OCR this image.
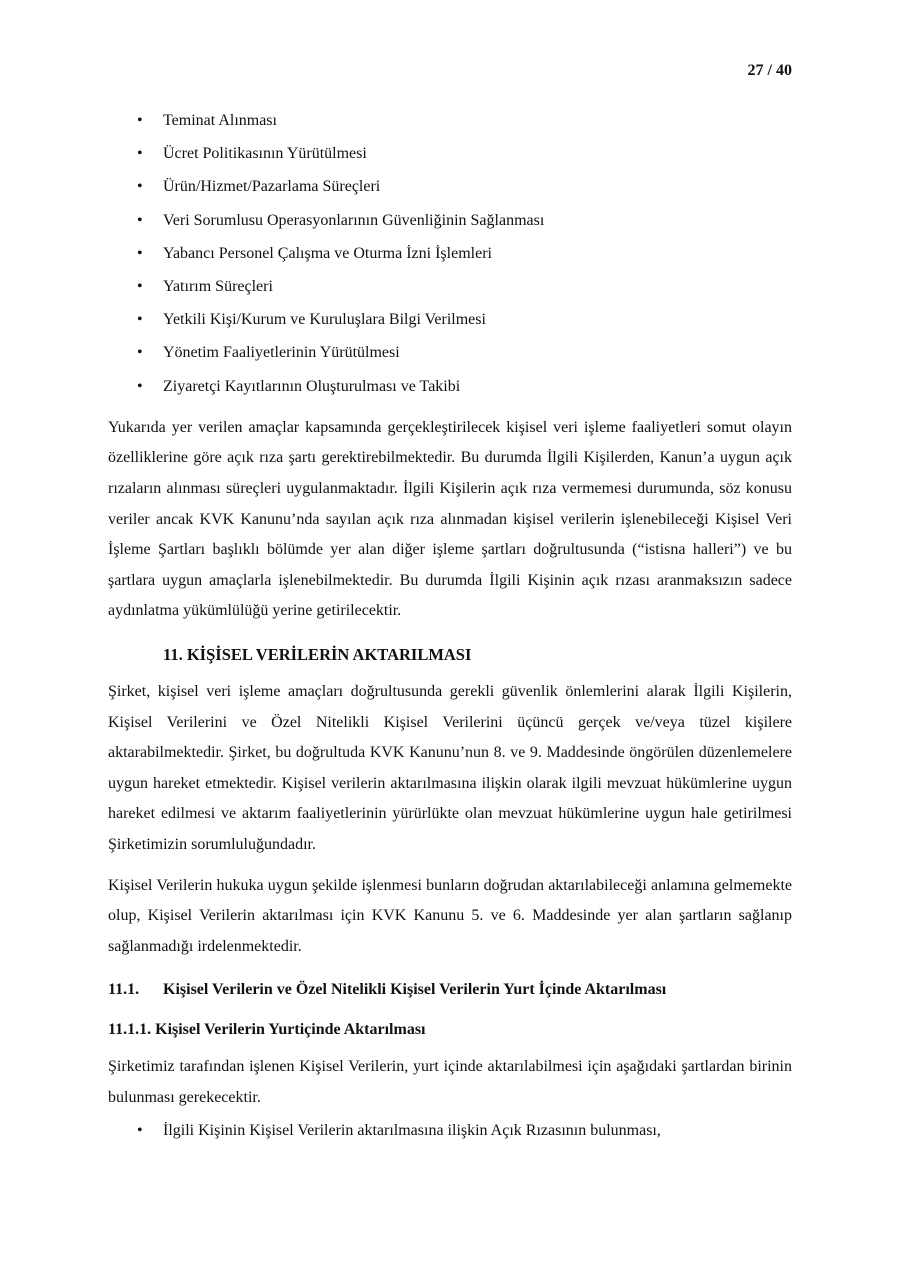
27 / 40
• Teminat Alınması
• Ücret Politikasının Yürütülmesi
• Ürün/Hizmet/Pazarlama Süreçleri
• Veri Sorumlusu Operasyonlarının Güvenliğinin Sağlanması
• Yabancı Personel Çalışma ve Oturma İzni İşlemleri
• Yatırım Süreçleri
• Yetkili Kişi/Kurum ve Kuruluşlara Bilgi Verilmesi
• Yönetim Faaliyetlerinin Yürütülmesi
• Ziyaretçi Kayıtlarının Oluşturulması ve Takibi

Yukarıda yer verilen amaçlar kapsamında gerçekleştirilecek kişisel veri işleme faaliyetleri somut olayın özelliklerine göre açık rıza şartı gerektirebilmektedir. Bu durumda İlgili Kişilerden, Kanun’a uygun açık rızaların alınması süreçleri uygulanmaktadır. İlgili Kişilerin açık rıza vermemesi durumunda, söz konusu veriler ancak KVK Kanunu’nda sayılan açık rıza alınmadan kişisel verilerin işlenebileceği Kişisel Veri İşleme Şartları başlıklı bölümde yer alan diğer işleme şartları doğrultusunda (“istisna halleri”) ve bu şartlara uygun amaçlarla işlenebilmektedir. Bu durumda İlgili Kişinin açık rızası aranmaksızın sadece aydınlatma yükümlülüğü yerine getirilecektir.

11. KİŞİSEL VERİLERİN AKTARILMASI

Şirket, kişisel veri işleme amaçları doğrultusunda gerekli güvenlik önlemlerini alarak İlgili Kişilerin, Kişisel Verilerini ve Özel Nitelikli Kişisel Verilerini üçüncü gerçek ve/veya tüzel kişilere aktarabilmektedir. Şirket, bu doğrultuda KVK Kanunu’nun 8. ve 9. Maddesinde öngörülen düzenlemelere uygun hareket etmektedir. Kişisel verilerin aktarılmasına ilişkin olarak ilgili mevzuat hükümlerine uygun hareket edilmesi ve aktarım faaliyetlerinin yürürlükte olan mevzuat hükümlerine uygun hale getirilmesi Şirketimizin sorumluluğundadır.

Kişisel Verilerin hukuka uygun şekilde işlenmesi bunların doğrudan aktarılabileceği anlamına gelmemekte olup, Kişisel Verilerin aktarılması için KVK Kanunu 5. ve 6. Maddesinde yer alan şartların sağlanıp sağlanmadığı irdelenmektedir.

11.1. Kişisel Verilerin ve Özel Nitelikli Kişisel Verilerin Yurt İçinde Aktarılması
11.1.1. Kişisel Verilerin Yurtiçinde Aktarılması

Şirketimiz tarafından işlenen Kişisel Verilerin, yurt içinde aktarılabilmesi için aşağıdaki şartlardan birinin bulunması gerekecektir.

• İlgili Kişinin Kişisel Verilerin aktarılmasına ilişkin Açık Rızasının bulunması,
